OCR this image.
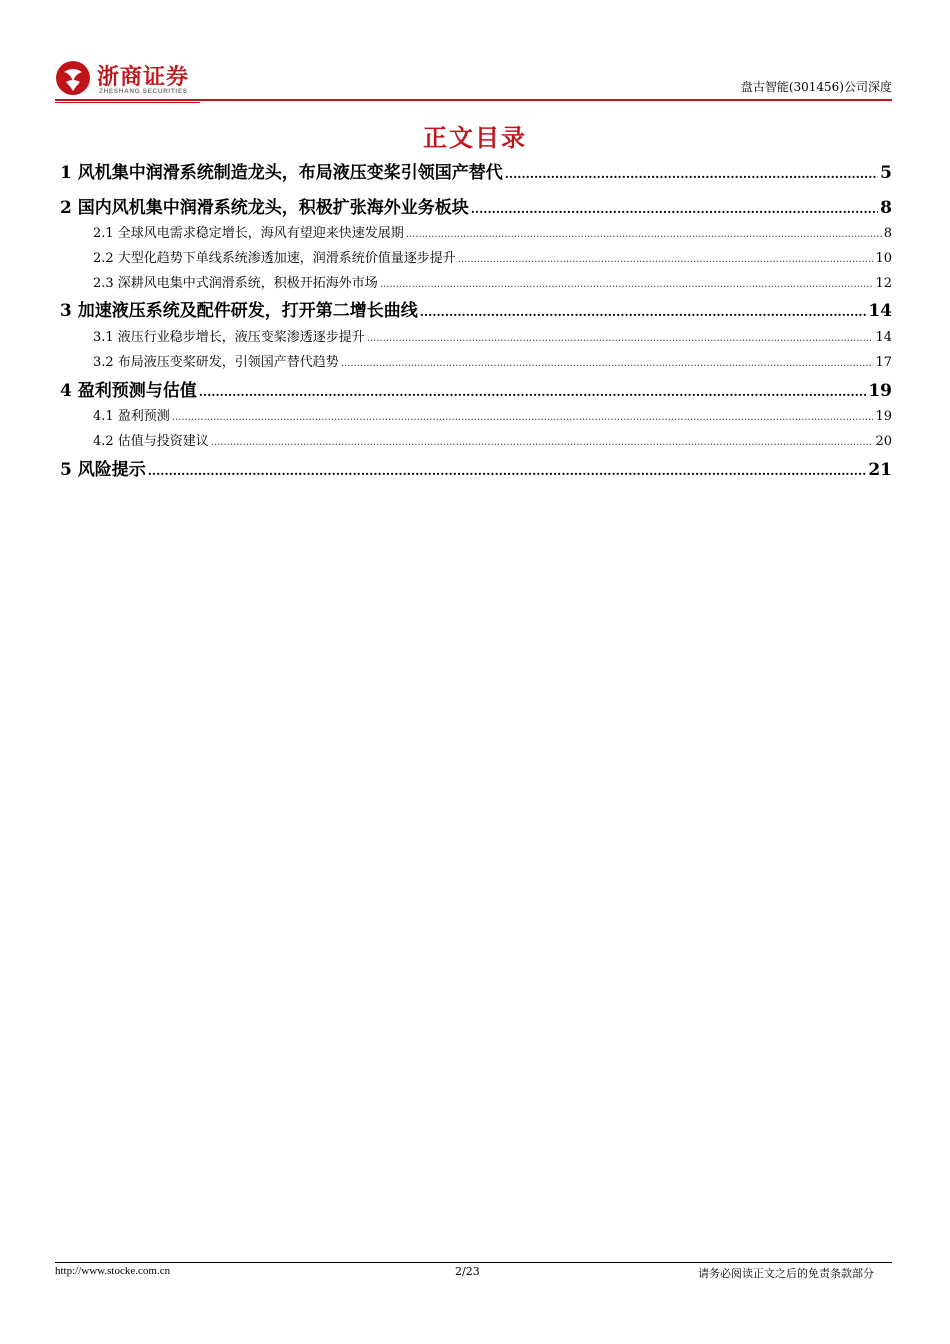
浙商证券
ZHESHANG SECURITIES	盘古智能(301456)公司深度
正文目录
1 风机集中润滑系统制造龙头，布局液压变桨引领国产替代 .....	5
2 国内风机集中润滑系统龙头，积极扩张海外业务板块 .....	8
2.1 全球风电需求稳定增长，海风有望迎来快速发展期 .....	8
2.2 大型化趋势下单线系统渗透加速，润滑系统价值量逐步提升 .....	10
2.3 深耕风电集中式润滑系统，积极开拓海外市场 .....	12
3 加速液压系统及配件研发，打开第二增长曲线 .....	14
3.1 液压行业稳步增长，液压变桨渗透逐步提升 .....	14
3.2 布局液压变桨研发，引领国产替代趋势 .....	17
4 盈利预测与估值 .....	19
4.1 盈利预测 .....	19
4.2 估值与投资建议 .....	20
5 风险提示 .....	21
http://www.stocke.com.cn	2/23	请务必阅读正文之后的免责条款部分
